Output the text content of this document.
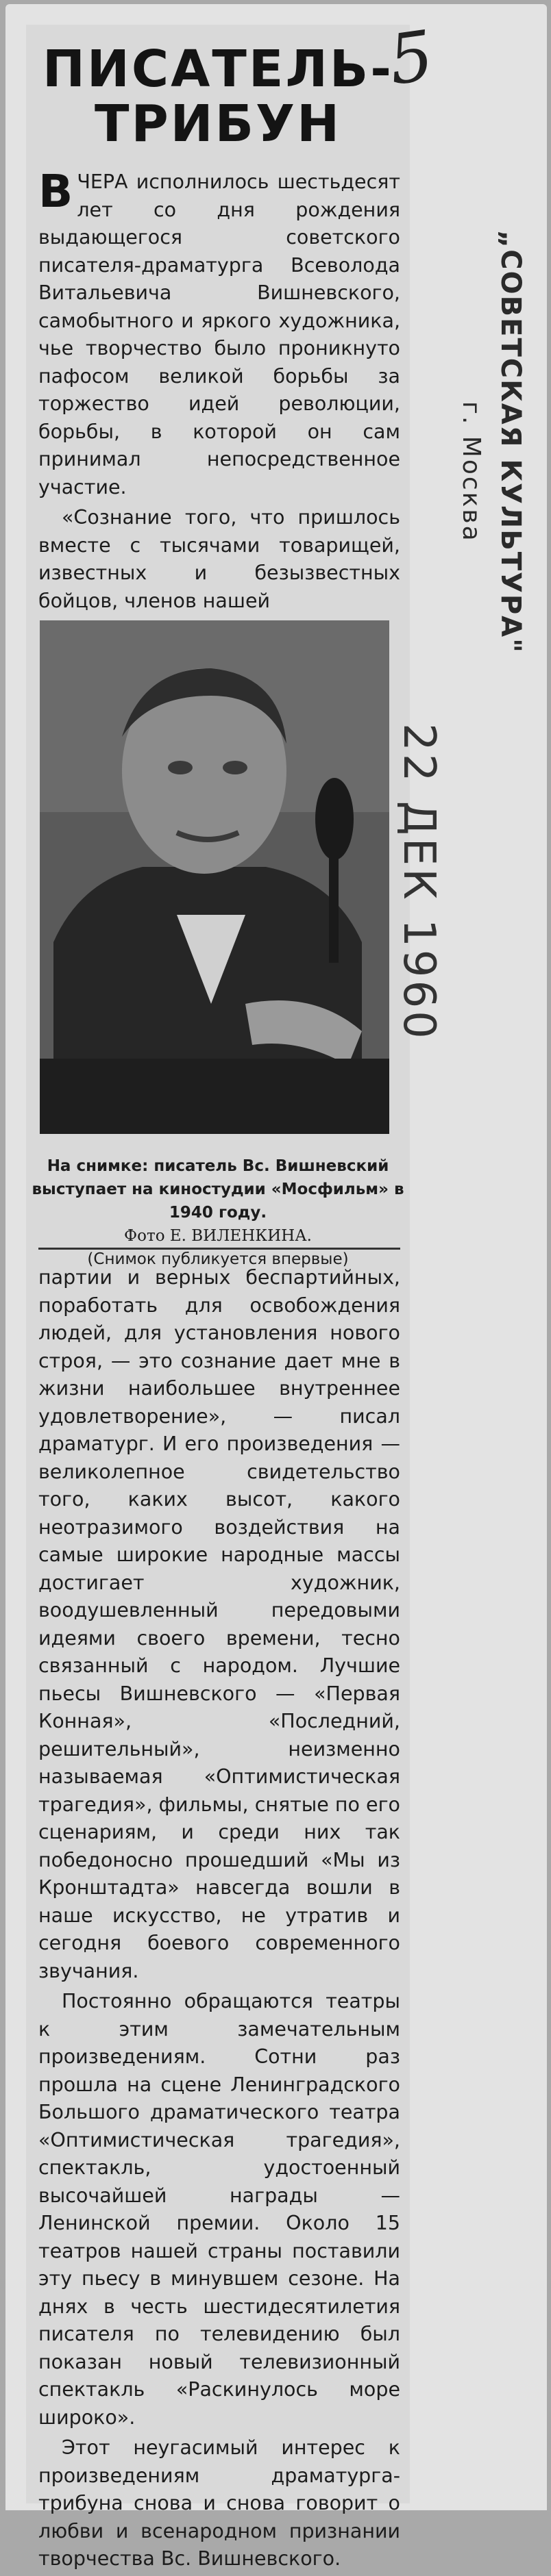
ПИСАТЕЛЬ-
ТРИБУН

В ЧЕРА исполнилось шестьдесят лет со дня рождения выдающегося советского писателя-драматурга Всеволода Витальевича Вишневского, самобытного и яркого художника, чье творчество было проникнуто пафосом великой борьбы за торжество идей революции, борьбы, в которой он сам принимал непосредственное участие.

«Сознание того, что пришлось вместе с тысячами товарищей, известных и безызвестных бойцов, членов нашей

На снимке: писатель Вс. Вишневский выступает на киностудии «Мосфильм» в 1940 году.

Фото Е. ВИЛЕНКИНА.
(Снимок публикуется впервые)

партии и верных беспартийных, поработать для освобождения людей, для установления нового строя, — это сознание дает мне в жизни наибольшее внутреннее удовлетворение», — писал драматург. И его произведения — великолепное свидетельство того, каких высот, какого неотразимого воздействия на самые широкие народные массы достигает художник, воодушевленный передовыми идеями своего времени, тесно связанный с народом. Лучшие пьесы Вишневского — «Первая Конная», «Последний, решительный», неизменно называемая «Оптимистическая трагедия», фильмы, снятые по его сценариям, и среди них так победоносно прошедший «Мы из Кронштадта» навсегда вошли в наше искусство, не утратив и сегодня боевого современного звучания.

Постоянно обращаются театры к этим замечательным произведениям. Сотни раз прошла на сцене Ленинградского Большого драматического театра «Оптимистическая трагедия», спектакль, удостоенный высочайшей награды — Ленинской премии. Около 15 театров нашей страны поставили эту пьесу в минувшем сезоне. На днях в честь шестидесятилетия писателя по телевидению был показан новый телевизионный спектакль «Раскинулось море широко».

Этот неугасимый интерес к произведениям драматурга-трибуна снова и снова говорит о любви и всенародном признании творчества Вс. Вишневского.

5
„СОВЕТСКАЯ КУЛЬТУРА"
г. Москва
22 ДЕК 1960
